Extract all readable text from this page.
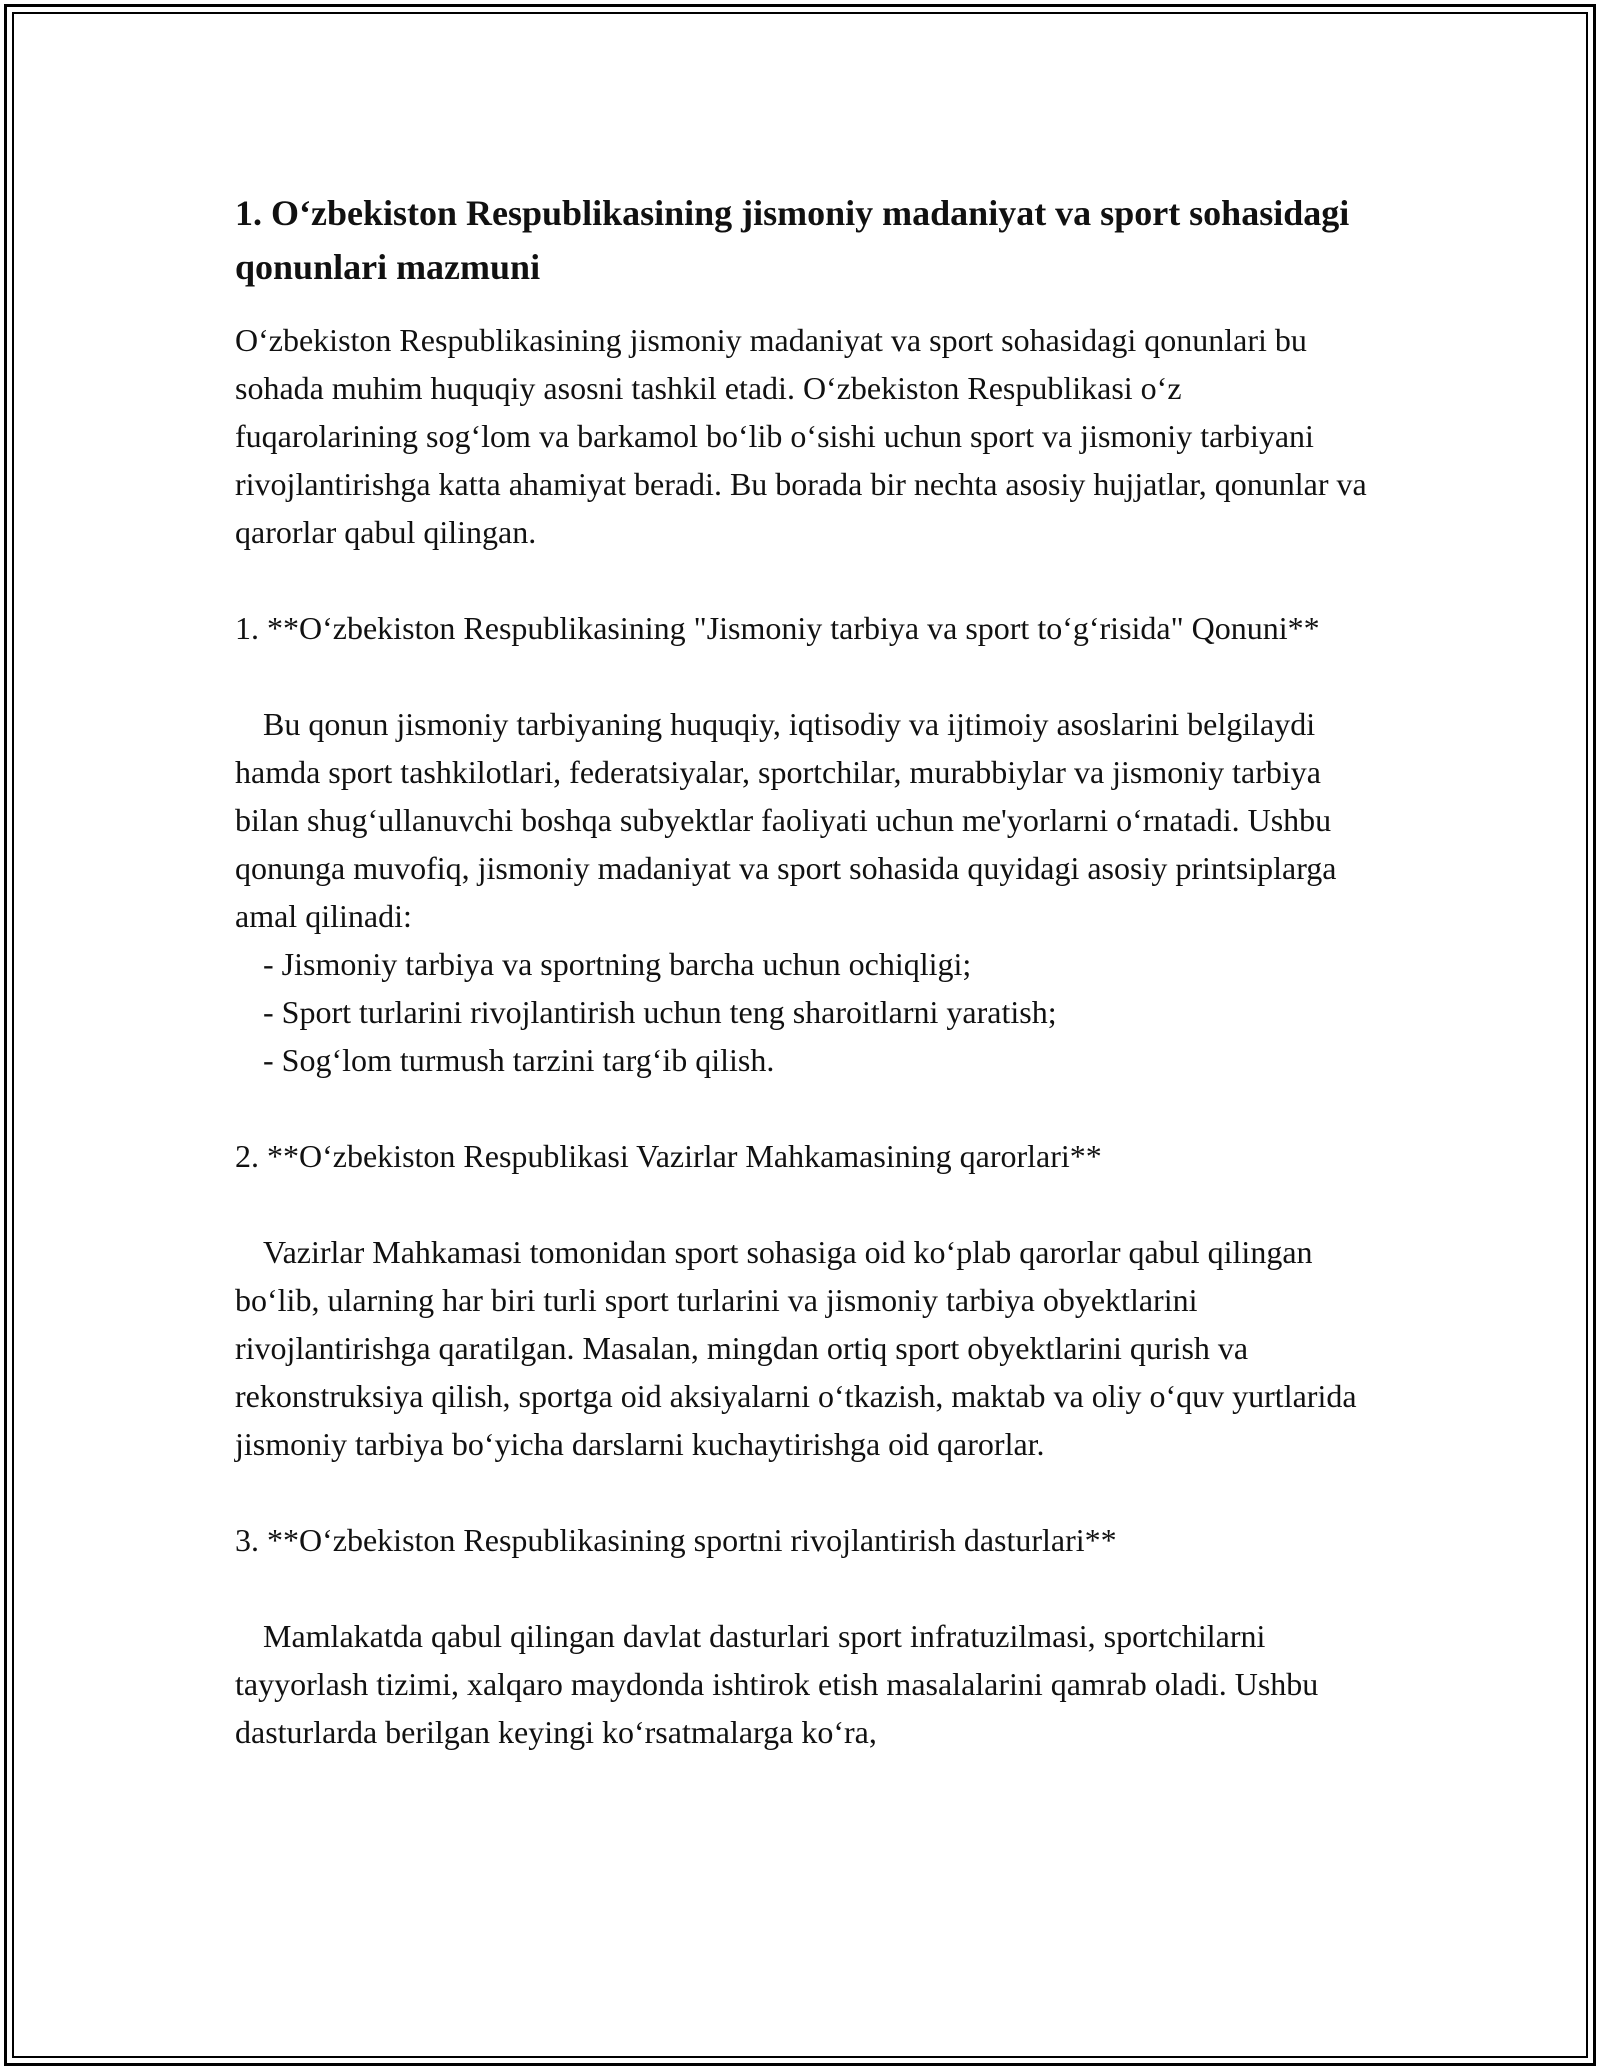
1. Oʻzbekiston Respublikasining jismoniy madaniyat va sport sohasidagi qonunlari mazmuni

Oʻzbekiston Respublikasining jismoniy madaniyat va sport sohasidagi qonunlari bu sohada muhim huquqiy asosni tashkil etadi. Oʻzbekiston Respublikasi oʻz fuqarolarining sogʻlom va barkamol boʻlib oʻsishi uchun sport va jismoniy tarbiyani rivojlantirishga katta ahamiyat beradi. Bu borada bir nechta asosiy hujjatlar, qonunlar va qarorlar qabul qilingan.

1. **Oʻzbekiston Respublikasining "Jismoniy tarbiya va sport toʻgʻrisida" Qonuni**

Bu qonun jismoniy tarbiyaning huquqiy, iqtisodiy va ijtimoiy asoslarini belgilaydi hamda sport tashkilotlari, federatsiyalar, sportchilar, murabbiylar va jismoniy tarbiya bilan shugʻullanuvchi boshqa subyektlar faoliyati uchun me'yorlarni oʻrnatadi. Ushbu qonunga muvofiq, jismoniy madaniyat va sport sohasida quyidagi asosiy printsiplarga amal qilinadi:

- Jismoniy tarbiya va sportning barcha uchun ochiqligi;
- Sport turlarini rivojlantirish uchun teng sharoitlarni yaratish;
- Sogʻlom turmush tarzini targʻib qilish.

2. **Oʻzbekiston Respublikasi Vazirlar Mahkamasining qarorlari**

Vazirlar Mahkamasi tomonidan sport sohasiga oid koʻplab qarorlar qabul qilingan boʻlib, ularning har biri turli sport turlarini va jismoniy tarbiya obyektlarini rivojlantirishga qaratilgan. Masalan, mingdan ortiq sport obyektlarini qurish va rekonstruksiya qilish, sportga oid aksiyalarni oʻtkazish, maktab va oliy oʻquv yurtlarida jismoniy tarbiya boʻyicha darslarni kuchaytirishga oid qarorlar.

3. **Oʻzbekiston Respublikasining sportni rivojlantirish dasturlari**

Mamlakatda qabul qilingan davlat dasturlari sport infratuzilmasi, sportchilarni tayyorlash tizimi, xalqaro maydonda ishtirok etish masalalarini qamrab oladi. Ushbu dasturlarda berilgan keyingi koʻrsatmalarga koʻra,
